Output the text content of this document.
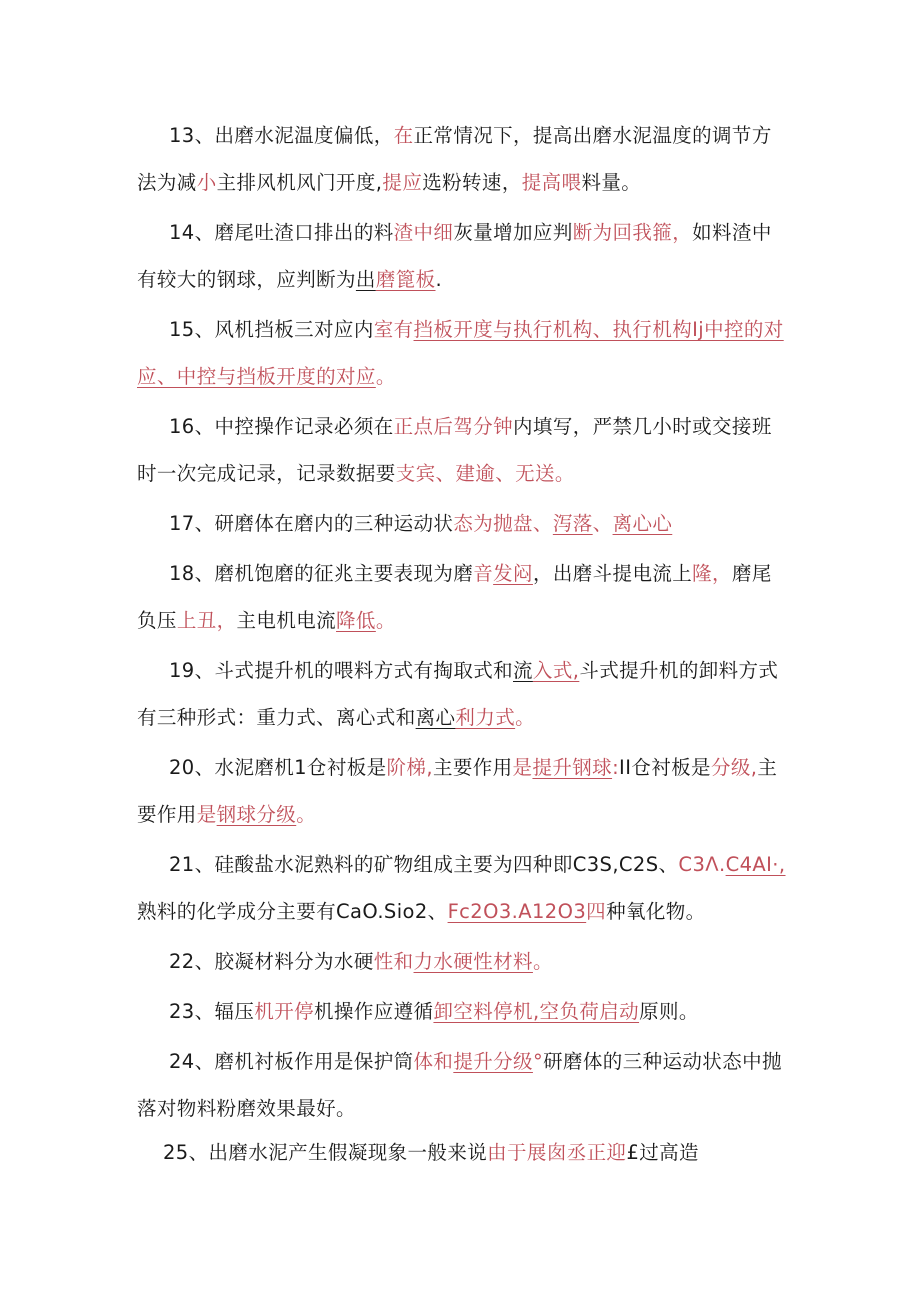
13、出磨水泥温度偏低，在正常情况下，提高出磨水泥温度的调节方法为减小主排风机风门开度,提应选粉转速，提高喂料量。

14、磨尾吐渣口排出的料渣中细灰量增加应判断为回我箍，如料渣中有较大的钢球，应判断为出磨篦板.

15、风机挡板三对应内室有挡板开度与执行机构、执行机构Ij中控的对应、中控与挡板开度的对应。

16、中控操作记录必须在正点后驾分钟内填写，严禁几小时或交接班时一次完成记录，记录数据要支宾、建逾、无送。

17、研磨体在磨内的三种运动状态为抛盘、泻落、离心心

18、磨机饱磨的征兆主要表现为磨音发闷，出磨斗提电流上隆，磨尾负压上丑，主电机电流降低。

19、斗式提升机的喂料方式有掏取式和流入式,斗式提升机的卸料方式有三种形式：重力式、离心式和离心利力式。

20、水泥磨机1仓衬板是阶梯,主要作用是提升钢球:II仓衬板是分级,主要作用是钢球分级。

21、硅酸盐水泥熟料的矿物组成主要为四种即C3S,C2S、C3Λ.C4AI·,熟料的化学成分主要有CaO.Sio2、Fc2O3.A12O3四种氧化物。

22、胶凝材料分为水硬性和力水硬性材料。

23、辐压机开停机操作应遵循卸空料停机,空负荷启动原则。

24、磨机衬板作用是保护筒体和提升分级°研磨体的三种运动状态中抛落对物料粉磨效果最好。

25、出磨水泥产生假凝现象一般来说由于展囱丞正迎£过高造
